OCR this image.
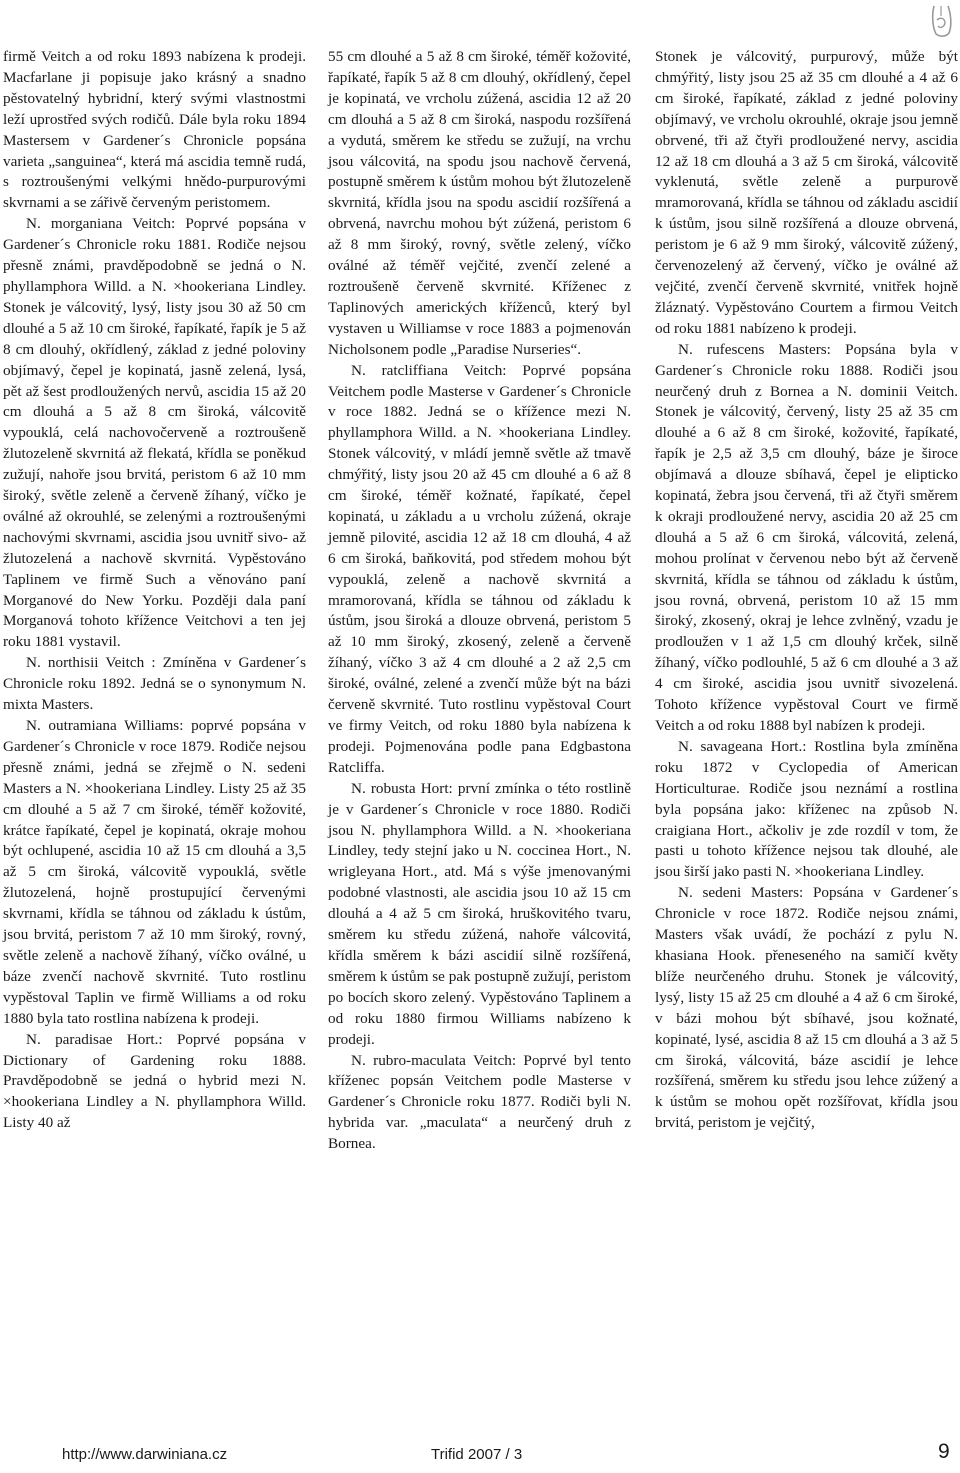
firmě Veitch a od roku 1893 nabízena k prodeji. Macfarlane ji popisuje jako krásný a snadno pěstovatelný hybridní, který svými vlastnostmi leží uprostřed svých rodičů. Dále byla roku 1894 Mastersem v Gardener´s Chronicle popsána varieta „sanguinea“, která má ascidia temně rudá, s roztroušenými velkými hnědo-purpurovými skvrnami a se zářivě červeným peristomem.

N. morganiana Veitch: Poprvé popsána v Gardener´s Chronicle roku 1881. Rodiče nejsou přesně známi, pravděpodobně se jedná o N. phyllamphora Willd. a N. ×hookeriana Lindley. Stonek je válcovitý, lysý, listy jsou 30 až 50 cm dlouhé a 5 až 10 cm široké, řapíkaté, řapík je 5 až 8 cm dlouhý, okřídlený, základ z jedné poloviny objímavý, čepel je kopinatá, jasně zelená, lysá, pět až šest prodloužených nervů, ascidia 15 až 20 cm dlouhá a 5 až 8 cm široká, válcovitě vypouklá, celá nachovočerveně a roztroušeně žlutozeleně skvrnitá až flekatá, křídla se poněkud zužují, nahoře jsou brvitá, peristom 6 až 10 mm široký, světle zeleně a červeně žíhaný, víčko je oválné až okrouhlé, se zelenými a roztroušenými nachovými skvrnami, ascidia jsou uvnitř sivo- až žlutozelená a nachově skvrnitá. Vypěstováno Taplinem ve firmě Such a věnováno paní Morganové do New Yorku. Později dala paní Morganová tohoto křížence Veitchovi a ten jej roku 1881 vystavil.

N. northisii Veitch : Zmíněna v Gardener´s Chronicle roku 1892. Jedná se o synonymum N. mixta Masters.

N. outramiana Williams: poprvé popsána v Gardener´s Chronicle v roce 1879. Rodiče nejsou přesně známi, jedná se zřejmě o N. sedeni Masters a N. ×hookeriana Lindley. Listy 25 až 35 cm dlouhé a 5 až 7 cm široké, téměř kožovité, krátce řapíkaté, čepel je kopinatá, okraje mohou být ochlupené, ascidia 10 až 15 cm dlouhá a 3,5 až 5 cm široká, válcovitě vypouklá, světle žlutozelená, hojně prostupující červenými skvrnami, křídla se táhnou od základu k ústům, jsou brvitá, peristom 7 až 10 mm široký, rovný, světle zeleně a nachově žíhaný, víčko oválné, u báze zvenčí nachově skvrnité. Tuto rostlinu vypěstoval Taplin ve firmě Williams a od roku 1880 byla tato rostlina nabízena k prodeji.

N. paradisae Hort.: Poprvé popsána v Dictionary of Gardening roku 1888. Pravděpodobně se jedná o hybrid mezi N. ×hookeriana Lindley a N. phyllamphora Willd. Listy 40 až

55 cm dlouhé a 5 až 8 cm široké, téměř kožovité, řapíkaté, řapík 5 až 8 cm dlouhý, okřídlený, čepel je kopinatá, ve vrcholu zúžená, ascidia 12 až 20 cm dlouhá a 5 až 8 cm široká, naspodu rozšířená a vydutá, směrem ke středu se zužují, na vrchu jsou válcovitá, na spodu jsou nachově červená, postupně směrem k ústům mohou být žlutozeleně skvrnitá, křídla jsou na spodu ascidií rozšířená a obrvená, navrchu mohou být zúžená, peristom 6 až 8 mm široký, rovný, světle zelený, víčko oválné až téměř vejčité, zvenčí zelené a roztroušeně červeně skvrnité. Kříženec z Taplinových amerických kříženců, který byl vystaven u Williamse v roce 1883 a pojmenován Nicholsonem podle „Paradise Nurseries“.

N. ratcliffiana Veitch: Poprvé popsána Veitchem podle Masterse v Gardener´s Chronicle v roce 1882. Jedná se o křížence mezi N. phyllamphora Willd. a N. ×hookeriana Lindley. Stonek válcovitý, v mládí jemně světle až tmavě chmýřitý, listy jsou 20 až 45 cm dlouhé a 6 až 8 cm široké, téměř kožnaté, řapíkaté, čepel kopinatá, u základu a u vrcholu zúžená, okraje jemně pilovité, ascidia 12 až 18 cm dlouhá, 4 až 6 cm široká, baňkovitá, pod středem mohou být vypouklá, zeleně a nachově skvrnitá a mramorovaná, křídla se táhnou od základu k ústům, jsou široká a dlouze obrvená, peristom 5 až 10 mm široký, zkosený, zeleně a červeně žíhaný, víčko 3 až 4 cm dlouhé a 2 až 2,5 cm široké, oválné, zelené a zvenčí může být na bázi červeně skvrnité. Tuto rostlinu vypěstoval Court ve firmy Veitch, od roku 1880 byla nabízena k prodeji. Pojmenována podle pana Edgbastona Ratcliffa.

N. robusta Hort: první zmínka o této rostlině je v Gardener´s Chronicle v roce 1880. Rodiči jsou N. phyllamphora Willd. a N. ×hookeriana Lindley, tedy stejní jako u N. coccinea Hort., N. wrigleyana Hort., atd. Má s výše jmenovanými podobné vlastnosti, ale ascidia jsou 10 až 15 cm dlouhá a 4 až 5 cm široká, hruškovitého tvaru, směrem ku středu zúžená, nahoře válcovitá, křídla směrem k bázi ascidií silně rozšířená, směrem k ústům se pak postupně zužují, peristom po bocích skoro zelený. Vypěstováno Taplinem a od roku 1880 firmou Williams nabízeno k prodeji.

N. rubro-maculata Veitch: Poprvé byl tento kříženec popsán Veitchem podle Masterse v Gardener´s Chronicle roku 1877. Rodiči byli N. hybrida var. „maculata“ a neurčený druh z Bornea.

Stonek je válcovitý, purpurový, může být chmýřitý, listy jsou 25 až 35 cm dlouhé a 4 až 6 cm široké, řapíkaté, základ z jedné poloviny objímavý, ve vrcholu okrouhlé, okraje jsou jemně obrvené, tři až čtyři prodloužené nervy, ascidia 12 až 18 cm dlouhá a 3 až 5 cm široká, válcovitě vyklenutá, světle zeleně a purpurově mramorovaná, křídla se táhnou od základu ascidií k ústům, jsou silně rozšířená a dlouze obrvená, peristom je 6 až 9 mm široký, válcovitě zúžený, červenozelený až červený, víčko je oválné až vejčité, zvenčí červeně skvrnité, vnitřek hojně žláznatý. Vypěstováno Courtem a firmou Veitch od roku 1881 nabízeno k prodeji.

N. rufescens Masters: Popsána byla v Gardener´s Chronicle roku 1888. Rodiči jsou neurčený druh z Bornea a N. dominii Veitch. Stonek je válcovitý, červený, listy 25 až 35 cm dlouhé a 6 až 8 cm široké, kožovité, řapíkaté, řapík je 2,5 až 3,5 cm dlouhý, báze je široce objímavá a dlouze sbíhavá, čepel je elipticko kopinatá, žebra jsou červená, tři až čtyři směrem k okraji prodloužené nervy, ascidia 20 až 25 cm dlouhá a 5 až 6 cm široká, válcovitá, zelená, mohou prolínat v červenou nebo být až červeně skvrnitá, křídla se táhnou od základu k ústům, jsou rovná, obrvená, peristom 10 až 15 mm široký, zkosený, okraj je lehce zvlněný, vzadu je prodloužen v 1 až 1,5 cm dlouhý krček, silně žíhaný, víčko podlouhlé, 5 až 6 cm dlouhé a 3 až 4 cm široké, ascidia jsou uvnitř sivozelená. Tohoto křížence vypěstoval Court ve firmě Veitch a od roku 1888 byl nabízen k prodeji.

N. savageana Hort.: Rostlina byla zmíněna roku 1872 v Cyclopedia of American Horticulturae. Rodiče jsou neznámí a rostlina byla popsána jako: kříženec na způsob N. craigiana Hort., ačkoliv je zde rozdíl v tom, že pasti u tohoto křížence nejsou tak dlouhé, ale jsou širší jako pasti N. ×hookeriana Lindley.

N. sedeni Masters: Popsána v Gardener´s Chronicle v roce 1872. Rodiče nejsou známi, Masters však uvádí, že pochází z pylu N. khasiana Hook. přeneseného na samičí květy blíže neurčeného druhu. Stonek je válcovitý, lysý, listy 15 až 25 cm dlouhé a 4 až 6 cm široké, v bázi mohou být sbíhavé, jsou kožnaté, kopinaté, lysé, ascidia 8 až 15 cm dlouhá a 3 až 5 cm široká, válcovitá, báze ascidií je lehce rozšířená, směrem ku středu jsou lehce zúžený a k ústům se mohou opět rozšířovat, křídla jsou brvitá, peristom je vejčitý,

http://www.darwiniana.cz	Trifid 2007 / 3	9
